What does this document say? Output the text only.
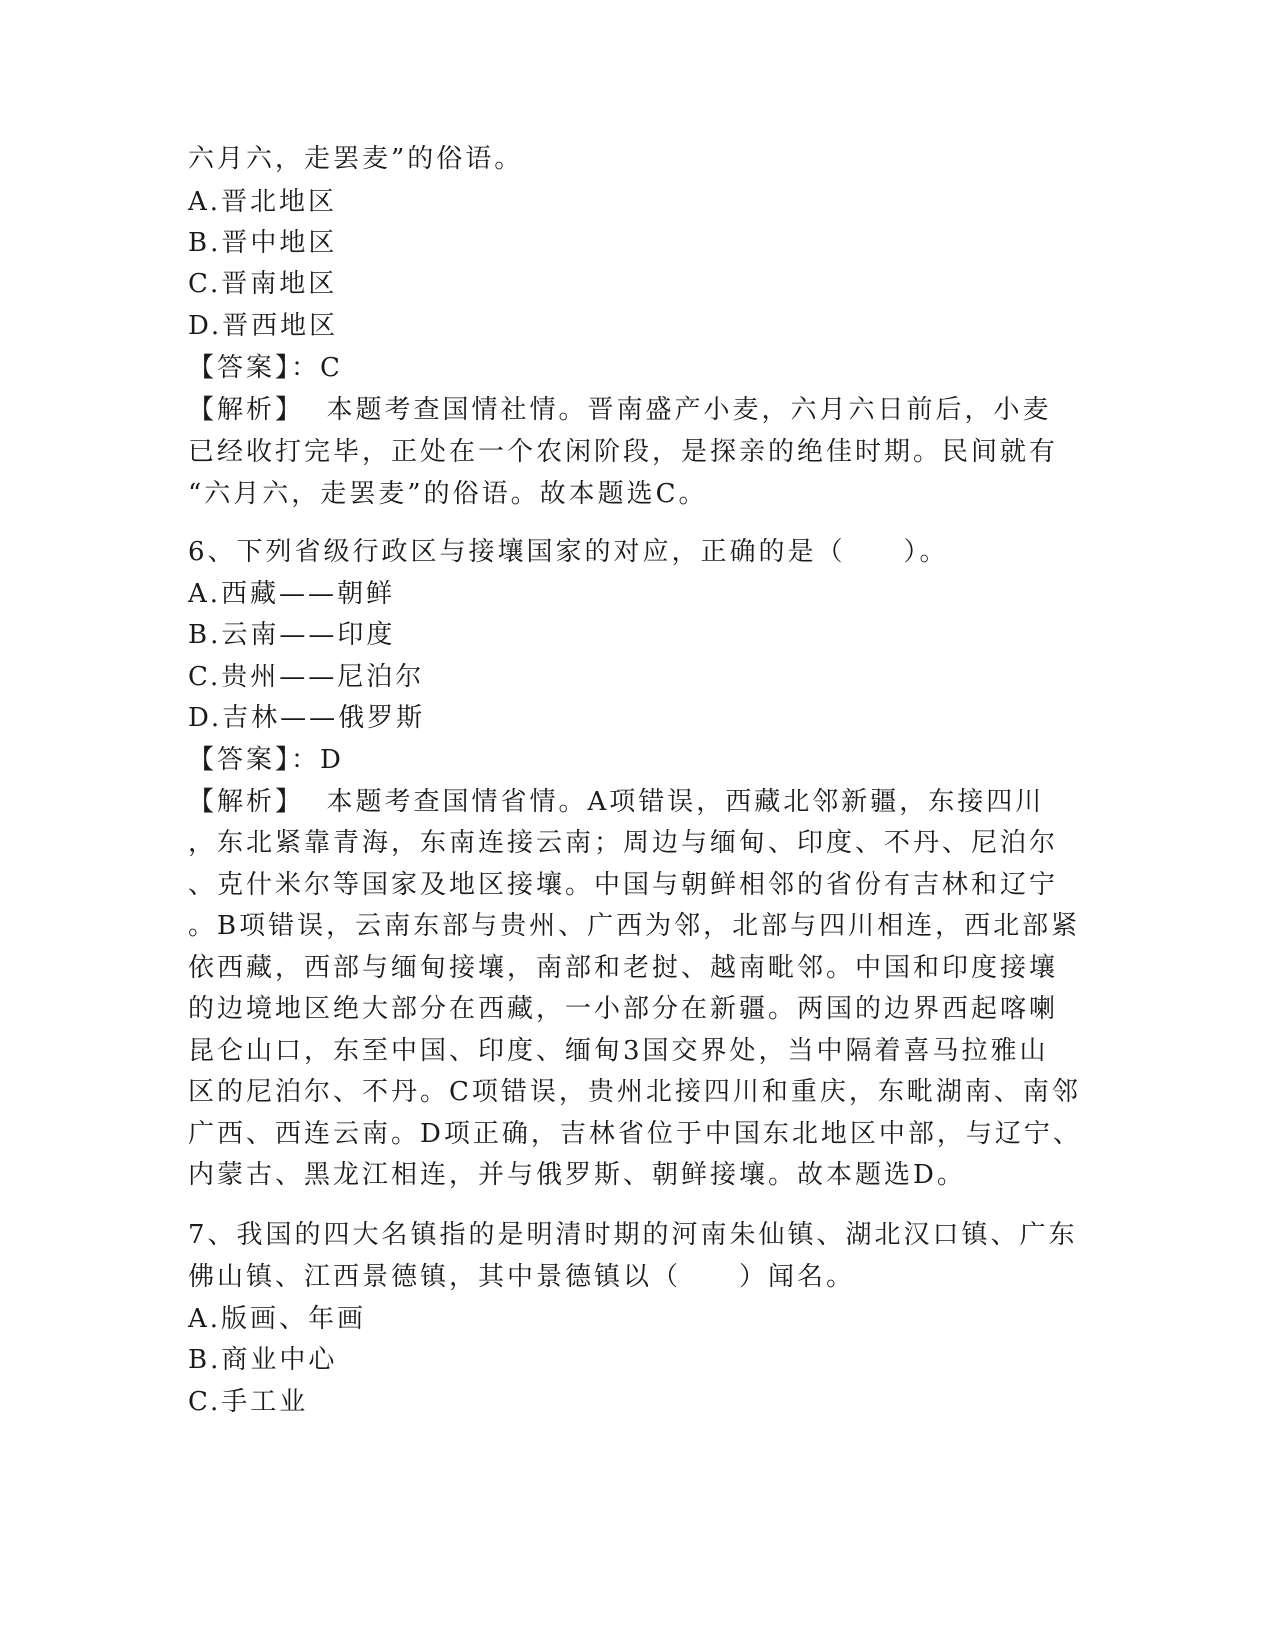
六月六，走罢麦”的俗语。
A.晋北地区
B.晋中地区
C.晋南地区
D.晋西地区
【答案】：C
【解析】  本题考查国情社情。晋南盛产小麦，六月六日前后，小麦
已经收打完毕，正处在一个农闲阶段，是探亲的绝佳时期。民间就有
“六月六，走罢麦”的俗语。故本题选C。
6、下列省级行政区与接壤国家的对应，正确的是（　　）。
A.西藏——朝鲜
B.云南——印度
C.贵州——尼泊尔
D.吉林——俄罗斯
【答案】：D
【解析】  本题考查国情省情。A项错误，西藏北邻新疆，东接四川
，东北紧靠青海，东南连接云南；周边与缅甸、印度、不丹、尼泊尔
、克什米尔等国家及地区接壤。中国与朝鲜相邻的省份有吉林和辽宁
。B项错误，云南东部与贵州、广西为邻，北部与四川相连，西北部紧
依西藏，西部与缅甸接壤，南部和老挝、越南毗邻。中国和印度接壤
的边境地区绝大部分在西藏，一小部分在新疆。两国的边界西起喀喇
昆仑山口，东至中国、印度、缅甸3国交界处，当中隔着喜马拉雅山
区的尼泊尔、不丹。C项错误，贵州北接四川和重庆，东毗湖南、南邻
广西、西连云南。D项正确，吉林省位于中国东北地区中部，与辽宁、
内蒙古、黑龙江相连，并与俄罗斯、朝鲜接壤。故本题选D。
7、我国的四大名镇指的是明清时期的河南朱仙镇、湖北汉口镇、广东
佛山镇、江西景德镇，其中景德镇以（　　）闻名。
A.版画、年画
B.商业中心
C.手工业
